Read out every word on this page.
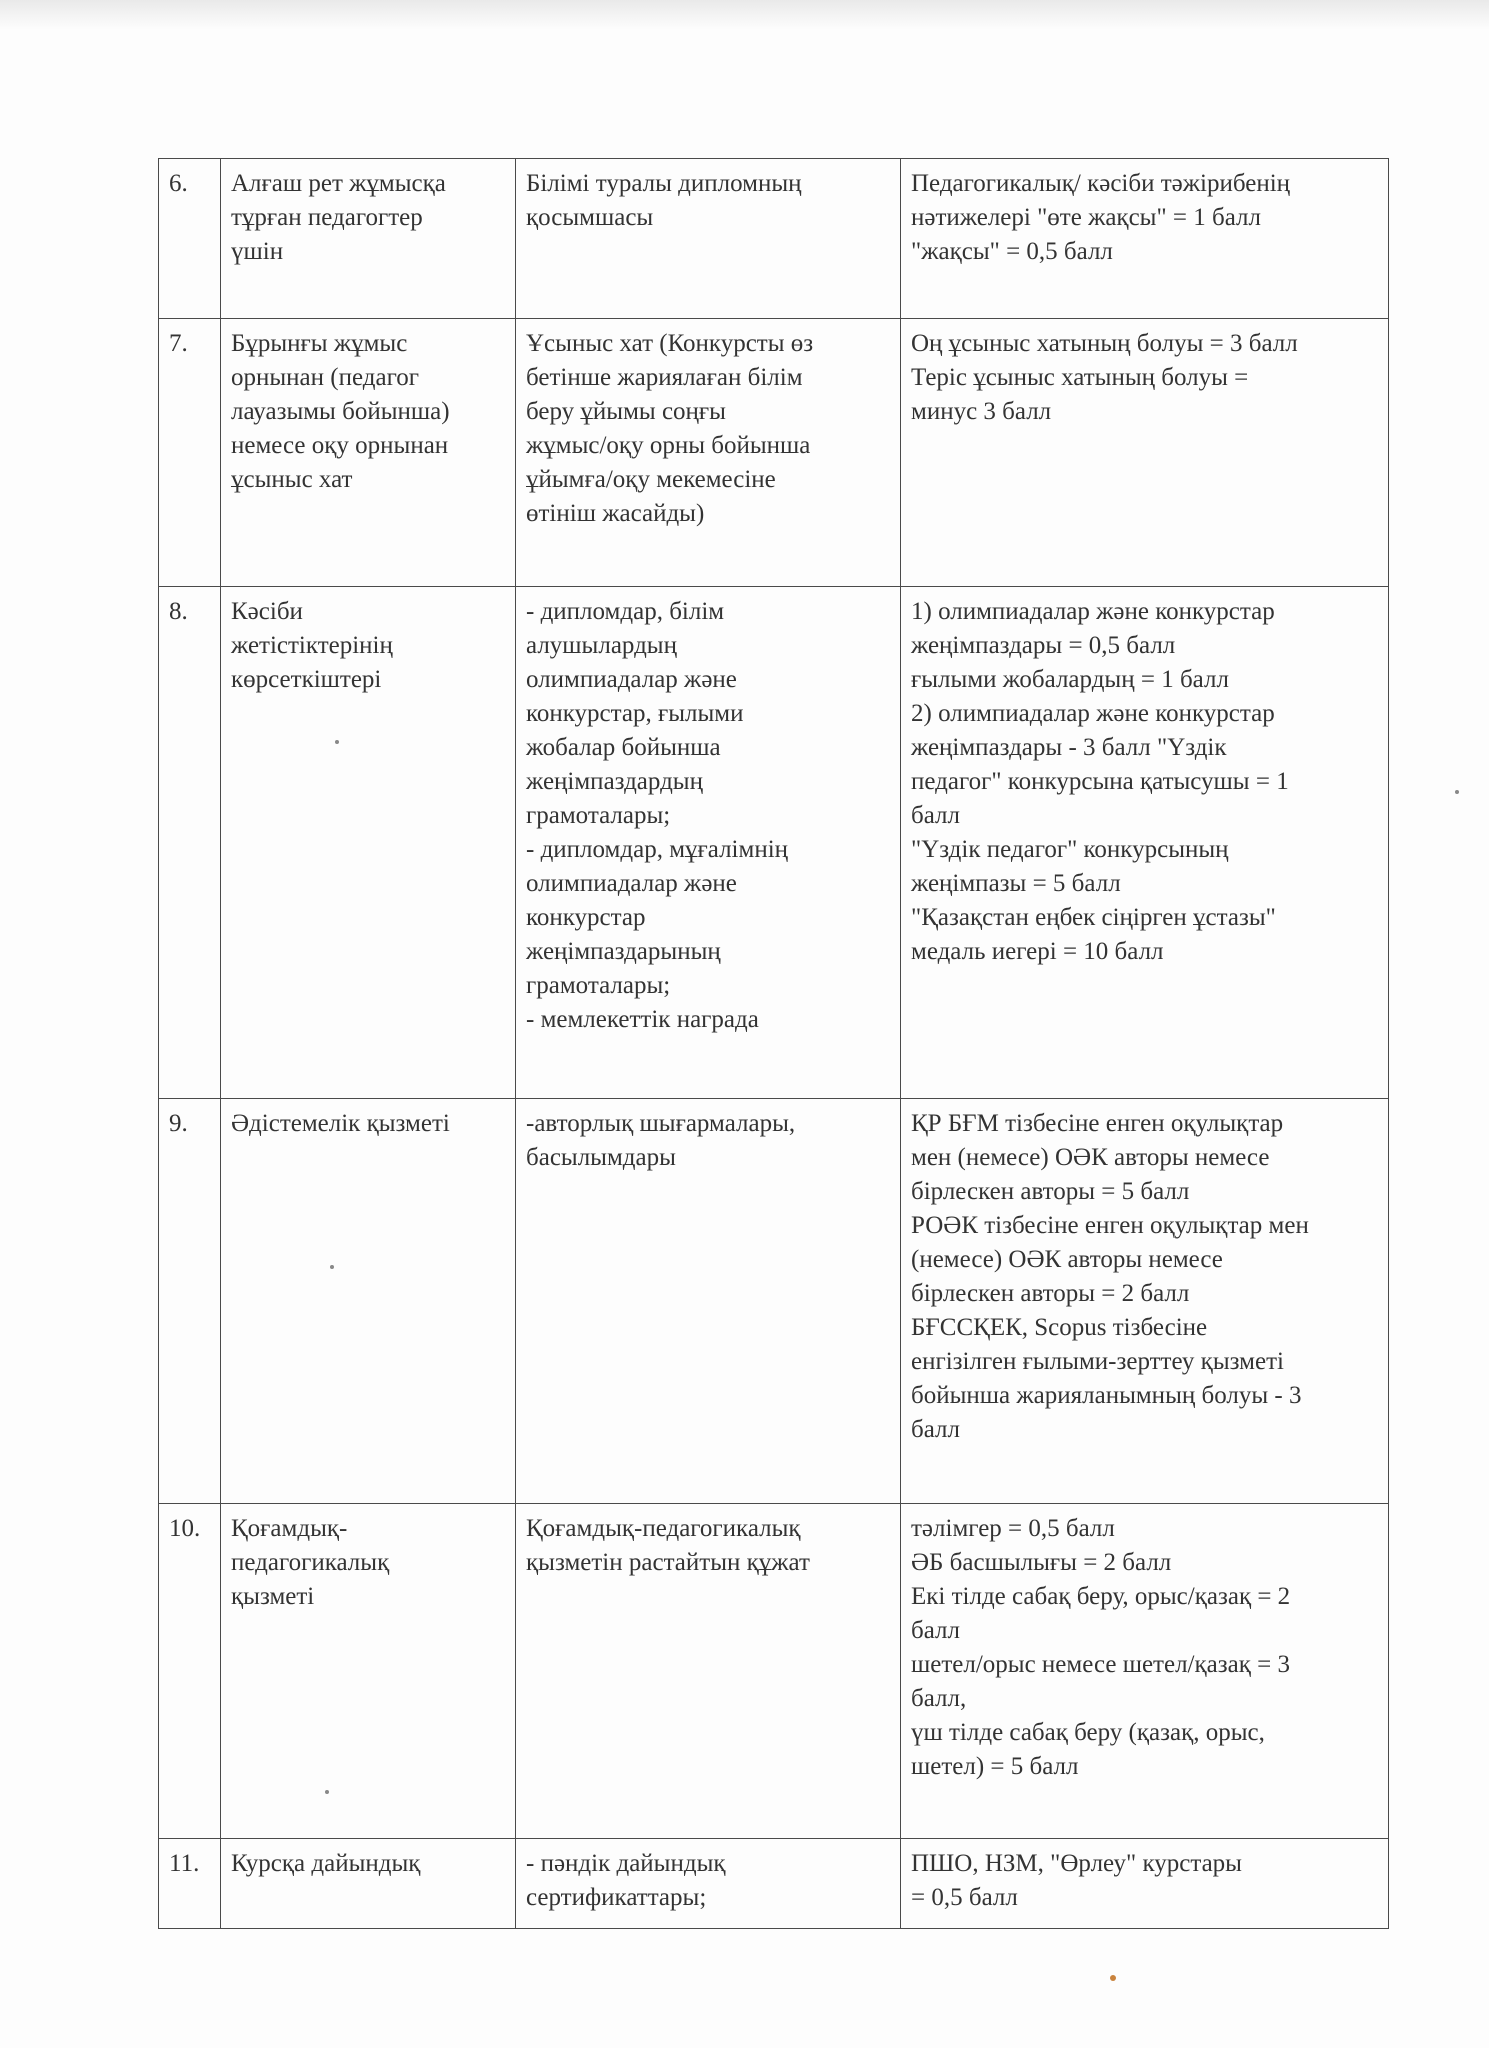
6.	Алғаш рет жұмысқа
тұрған педагогтер
үшін

Білімі туралы дипломның
қосымшасы

Педагогикалық/ кәсіби тәжірибенің
нәтижелері "өте жақсы" = 1 балл
"жақсы" = 0,5 балл

7.	Бұрынғы жұмыс
орнынан (педагог
лауазымы бойынша)
немесе оқу орнынан
ұсыныс хат

Ұсыныс хат (Конкурсты өз
бетінше жариялаған білім
беру ұйымы соңғы
жұмыс/оқу орны бойынша
ұйымға/оқу мекемесіне
өтініш жасайды)

Оң ұсыныс хатының болуы = 3 балл
Теріс ұсыныс хатының болуы =
минус 3 балл

8.	Кәсіби
жетістіктерінің
көрсеткіштері

- дипломдар, білім
алушылардың
олимпиадалар және
конкурстар, ғылыми
жобалар бойынша
жеңімпаздардың
грамоталары;
- дипломдар, мұғалімнің
олимпиадалар және
конкурстар
жеңімпаздарының
грамоталары;
- мемлекеттік награда

1) олимпиадалар және конкурстар
жеңімпаздары = 0,5 балл
ғылыми жобалардың = 1 балл
2) олимпиадалар және конкурстар
жеңімпаздары - 3 балл "Үздік
педагог" конкурсына қатысушы = 1
балл
"Үздік педагог" конкурсының
жеңімпазы = 5 балл
"Қазақстан еңбек сіңірген ұстазы"
медаль иегері = 10 балл

9.	Әдістемелік қызметі	-авторлық шығармалары,
басылымдары

ҚР БҒМ тізбесіне енген оқулықтар
мен (немесе) ОӘК авторы немесе
бірлескен авторы = 5 балл
РОӘК тізбесіне енген оқулықтар мен
(немесе) ОӘК авторы немесе
бірлескен авторы = 2 балл
БҒССҚЕК, Scopus тізбесіне
енгізілген ғылыми-зерттеу қызметі
бойынша жарияланымның болуы - 3
балл

10.	Қоғамдық-
педагогикалық
қызметі

Қоғамдық-педагогикалық
қызметін растайтын құжат

тәлімгер = 0,5 балл
ӘБ басшылығы = 2 балл
Екі тілде сабақ беру, орыс/қазақ = 2
балл
шетел/орыс немесе шетел/қазақ = 3
балл,
үш тілде сабақ беру (қазақ, орыс,
шетел) = 5 балл

11.	Курсқа дайындық	- пәндік дайындық
сертификаттары;

ПШО, НЗМ, "Өрлеу" курстары
= 0,5 балл
